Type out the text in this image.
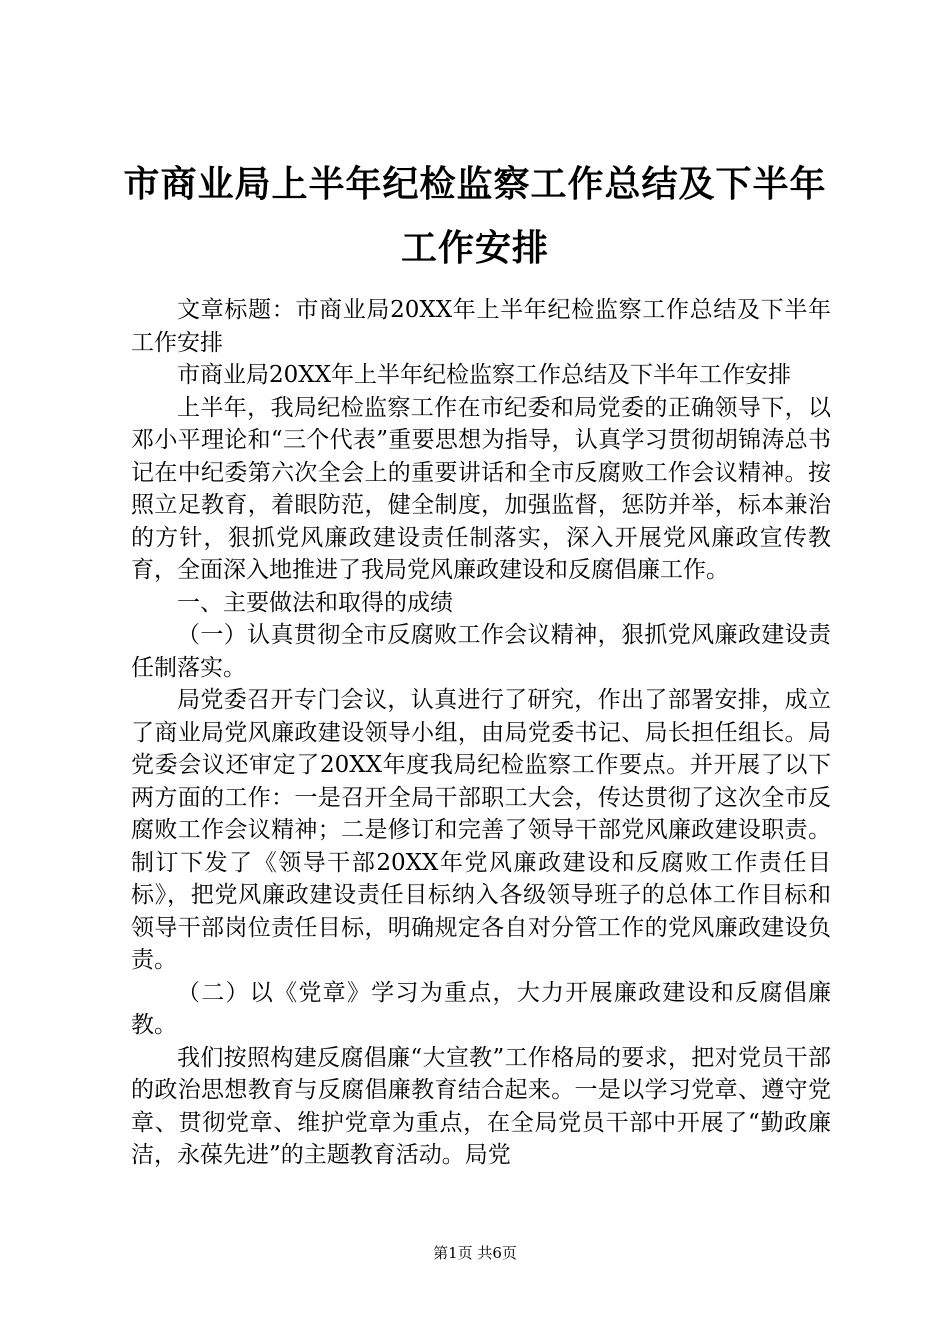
市商业局上半年纪检监察工作总结及下半年工作安排

文章标题：市商业局20XX年上半年纪检监察工作总结及下半年工作安排

市商业局20XX年上半年纪检监察工作总结及下半年工作安排

上半年，我局纪检监察工作在市纪委和局党委的正确领导下，以邓小平理论和“三个代表”重要思想为指导，认真学习贯彻胡锦涛总书记在中纪委第六次全会上的重要讲话和全市反腐败工作会议精神。按照立足教育，着眼防范，健全制度，加强监督，惩防并举，标本兼治的方针，狠抓党风廉政建设责任制落实，深入开展党风廉政宣传教育，全面深入地推进了我局党风廉政建设和反腐倡廉工作。

一、主要做法和取得的成绩

（一）认真贯彻全市反腐败工作会议精神，狠抓党风廉政建设责任制落实。

局党委召开专门会议，认真进行了研究，作出了部署安排，成立了商业局党风廉政建设领导小组，由局党委书记、局长担任组长。局党委会议还审定了20XX年度我局纪检监察工作要点。并开展了以下两方面的工作：一是召开全局干部职工大会，传达贯彻了这次全市反腐败工作会议精神；二是修订和完善了领导干部党风廉政建设职责。制订下发了《领导干部20XX年党风廉政建设和反腐败工作责任目标》，把党风廉政建设责任目标纳入各级领导班子的总体工作目标和领导干部岗位责任目标，明确规定各自对分管工作的党风廉政建设负责。

（二）以《党章》学习为重点，大力开展廉政建设和反腐倡廉教。

我们按照构建反腐倡廉“大宣教”工作格局的要求，把对党员干部的政治思想教育与反腐倡廉教育结合起来。一是以学习党章、遵守党章、贯彻党章、维护党章为重点，在全局党员干部中开展了“勤政廉洁，永葆先进”的主题教育活动。局党

第1页 共6页
